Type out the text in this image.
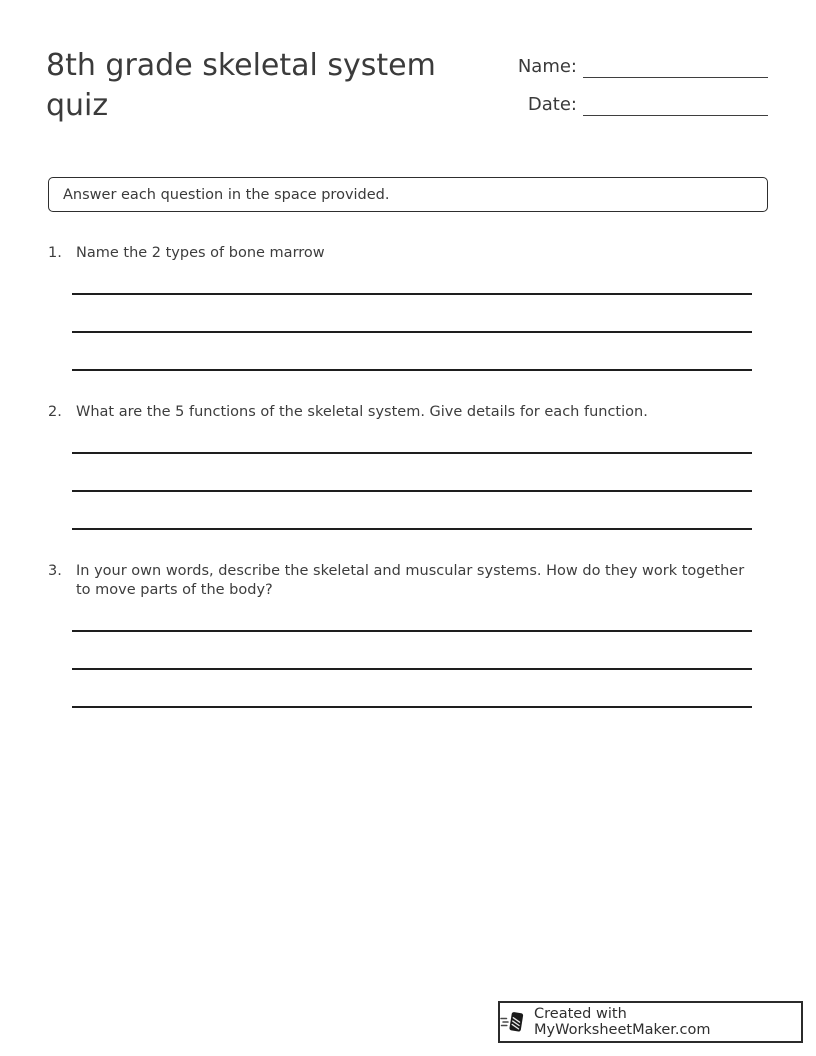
8th grade skeletal system quiz
Name:
Date:
Answer each question in the space provided.

1. Name the 2 types of bone marrow

2. What are the 5 functions of the skeletal system. Give details for each function.

3. In your own words, describe the skeletal and muscular systems. How do they work together to move parts of the body?

Created with MyWorksheetMaker.com
